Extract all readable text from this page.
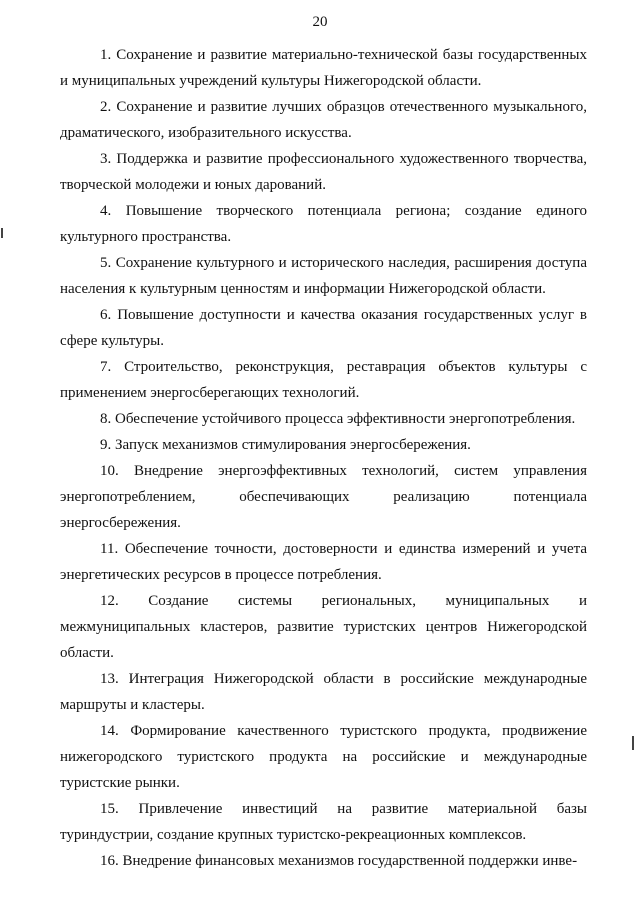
20

1. Сохранение и развитие материально-технической базы государственных и муниципальных учреждений культуры Нижегородской области.

2. Сохранение и развитие лучших образцов отечественного музыкального, драматического, изобразительного искусства.

3. Поддержка и развитие профессионального художественного творчества, творческой молодежи и юных дарований.

4. Повышение творческого потенциала региона; создание единого культурного пространства.

5. Сохранение культурного и исторического наследия, расширения доступа населения к культурным ценностям и информации Нижегородской области.

6. Повышение доступности и качества оказания государственных услуг в сфере культуры.

7. Строительство, реконструкция, реставрация объектов культуры с применением энергосберегающих технологий.

8. Обеспечение устойчивого процесса эффективности энергопотребления.

9. Запуск механизмов стимулирования энергосбережения.

10. Внедрение энергоэффективных технологий, систем управления энергопотреблением, обеспечивающих реализацию потенциала энергосбережения.

11. Обеспечение точности, достоверности и единства измерений и учета энергетических ресурсов в процессе потребления.

12. Создание системы региональных, муниципальных и межмуниципальных кластеров, развитие туристских центров Нижегородской области.

13. Интеграция Нижегородской области в российские международные маршруты и кластеры.

14. Формирование качественного туристского продукта, продвижение нижегородского туристского продукта на российские и международные туристские рынки.

15. Привлечение инвестиций на развитие материальной базы туриндустрии, создание крупных туристско-рекреационных комплексов.

16. Внедрение финансовых механизмов государственной поддержки инве-
